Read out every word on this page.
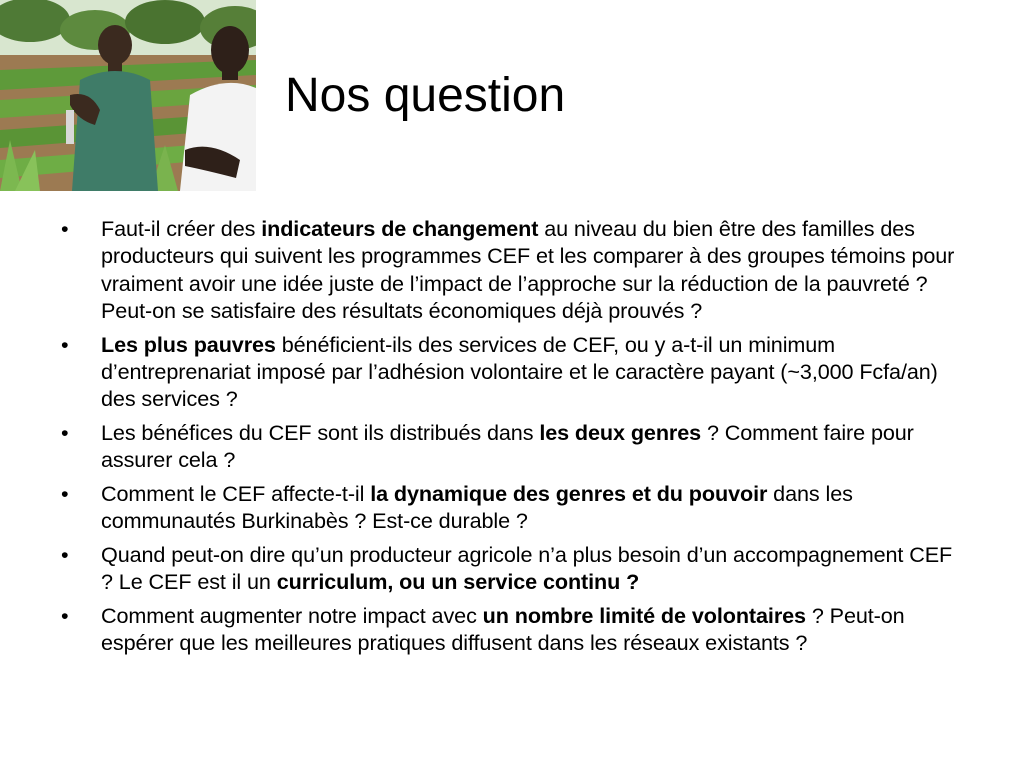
Nos question
•	Faut-il créer des indicateurs de changement au niveau du bien être des familles des producteurs qui suivent les programmes CEF et les comparer à des groupes témoins pour vraiment avoir une idée juste de l’impact de l’approche sur la réduction de la pauvreté ? Peut-on se satisfaire des résultats économiques déjà prouvés ?
•	Les plus pauvres bénéficient-ils des services de CEF, ou y a-t-il un minimum d’entreprenariat imposé par l’adhésion volontaire et le caractère payant (~3,000 Fcfa/an) des services ?
•	Les bénéfices du CEF sont ils distribués dans les deux genres ? Comment faire pour assurer cela ?
•	Comment le CEF affecte-t-il la dynamique des genres et du pouvoir dans les communautés Burkinabès ? Est-ce durable ?
•	Quand peut-on dire qu’un producteur agricole n’a plus besoin d’un accompagnement CEF ? Le CEF est il un curriculum, ou un service continu ?
•	Comment augmenter notre impact avec un nombre limité de volontaires ? Peut-on espérer que les meilleures pratiques diffusent dans les réseaux existants ?
